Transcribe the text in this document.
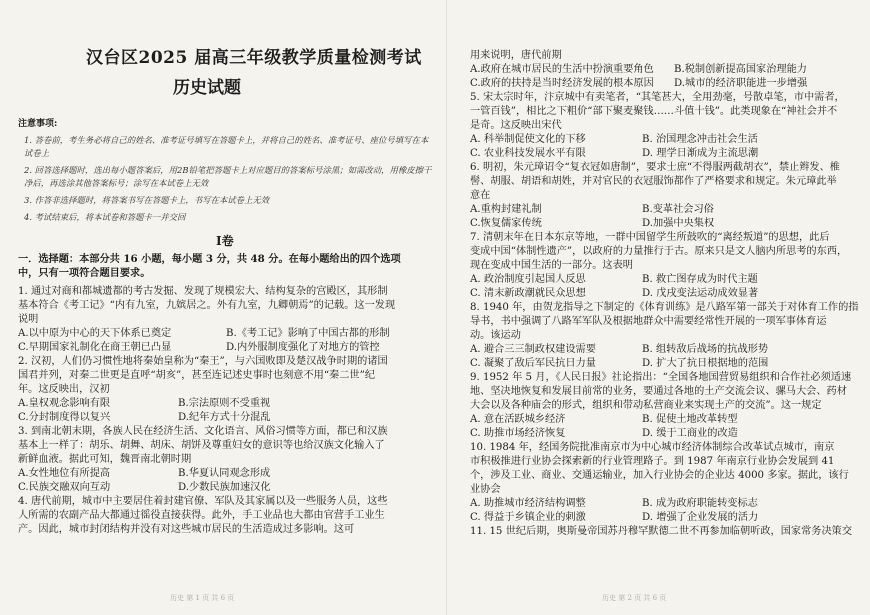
汉台区2025 届高三年级教学质量检测考试
历史试题
注意事项:
1. 答卷前，考生务必将自己的姓名、准考证号填写在答题卡上，并将自己的姓名、准考证号、座位号填写在本
试卷上
2. 回答选择题时，选出每小题答案后，用2B铅笔把答题卡上对应题目的答案标号涂黑；如需改动，用橡皮擦干
净后，再选涂其他答案标号；涂写在本试卷上无效
3. 作答非选择题时，将答案书写在答题卡上，书写在本试卷上无效
4. 考试结束后，将本试卷和答题卡一并交回
Ⅰ卷
一．选择题：本部分共 16 小题，每小题 3 分，共 48 分。在每小题给出的四个选项
中，只有一项符合题目要求。
1. 通过对商和都城遗都的考古发掘、发现了规模宏大、结构复杂的宫殿区，其形制
基本符合《考工记》“内有九室，九嫔居之。外有九室，九卿朝焉”的记载。这一发现
说明
A.以中原为中心的天下体系已奠定	B.《考工记》影响了中国古都的形制
C.早期国家礼制化在商王朝已凸显	D.内外服制度强化了对地方的管控
2. 汉初，人们仍习惯性地将秦始皇称为“秦王”，与六国败即及楚汉战争时期的诸国
国君并列，对秦二世更是直呼“胡亥”，甚至连记述史事时也刻意不用“秦二世”纪
年。这反映出，汉初
A.皇权观念影响有限	B.宗法原则不受重视
C.分封制度得以复兴	D.纪年方式十分混乱
3. 到南北朝末期，各族人民在经济生活、文化语言、风俗习惯等方面，都已和汉族
基本上一样了：胡乐、胡舞、胡床、胡饼及尊重妇女的意识等也给汉族文化输入了
新鲜血液。据此可知，魏晋南北朝时期
A.女性地位有所提高	B.华夏认同观念形成
C.民族交融双向互动	D.少数民族加速汉化
4. 唐代前期，城市中主要居住着封建官僚、军队及其家属以及一些服务人员，这些
人所需的农副产品大都通过徭役直接获得。此外，手工业品也大都由官营手工业生
产。因此，城市封闭结构并没有对这些城市居民的生活造成过多影响。这可
历史 第 1 页 共 6 页
用来说明，唐代前期
A.政府在城市居民的生活中扮演重要角色 B.税制创新提高国家治理能力
C.政府的扶持是当时经济发展的根本原因 D.城市的经济职能进一步增强
5. 宋太宗时年，汴京城中有卖笔者，“其笔甚大，全用劲毫，号散卓笔，市中需者，
一管百钱”，相比之下粗价“部下聚麦聚钱……斗值十钱”。此类现象在“神社会并不
是奇。这反映出宋代
A. 科举制促使文化的下移	B. 治国理念冲击社会生活
C. 农业科技发展水平有限	D. 理学日渐成为主流思潮
6. 明初，朱元璋诏令“复衣冠如唐制”，要求士庶“不得服两截胡衣”，禁止辫发、椎
髻、胡服、胡语和胡姓，并对官民的衣冠服饰都作了严格要求和规定。朱元璋此举
意在
A.重构封建礼制	B.变革社会习俗
C.恢复儒家传统	D.加强中央集权
7. 清朝末年在日本东京等地，一群中国留学生所鼓吹的“离经叛道”的思想，此后
变成中国“体制性遗产”，以政府的力量推行于古。原来只是文人脑内所思考的东西，
现在变成中国生活的一部分。这表明
A. 政治制度引起国人反思	B. 救亡图存成为时代主题
C. 清末新政潮就民众思想	D. 戊戌变法运动成效显著
8. 1940 年，由贺龙指导之下制定的《体育训练》是八路军第一部关于对体育工作的指
导书，书中强调了八路军军队及根据地群众中需要经常性开展的一项军事体育运
动。该运动
A. 避合三三制政权建设需要	B. 组转敌后战场的抗战形势
C. 凝聚了敌后军民抗日力量	D. 扩大了抗日根据地的范围
9. 1952 年 5 月，《人民日报》社论指出：“全国各地国营贸易组织和合作社必须适速
地、坚决地恢复和发展目前常的业务，要通过各地的土产交流会议、骡马大会、药材
大会以及各种庙会的形式，组织和带动私营商业来实现土产的交流”。这一规定
A. 意在活跃城乡经济	B. 促使土地改革转型
C. 助推市场经济恢复	D. 缓于工商业的改造
10. 1984 年，经国务院批准南京市为中心城市经济体制综合改革试点城市，南京
市积极推进行业协会探索新的行业管理路子。到 1987 年南京行业协会发展到 41
个，涉及工业、商业、交通运输业，加入行业协会的企业达 4000 多家。据此，该行
业协会
A. 助推城市经济结构调整	B. 成为政府职能转变标志
C. 得益于乡镇企业的刺激	D. 增强了企业发展的活力
11. 15 世纪后期，奥斯曼帝国苏丹穆罕默德二世不再参加临朝听政，国家常务决策交
历史 第 2 页 共 6 页
